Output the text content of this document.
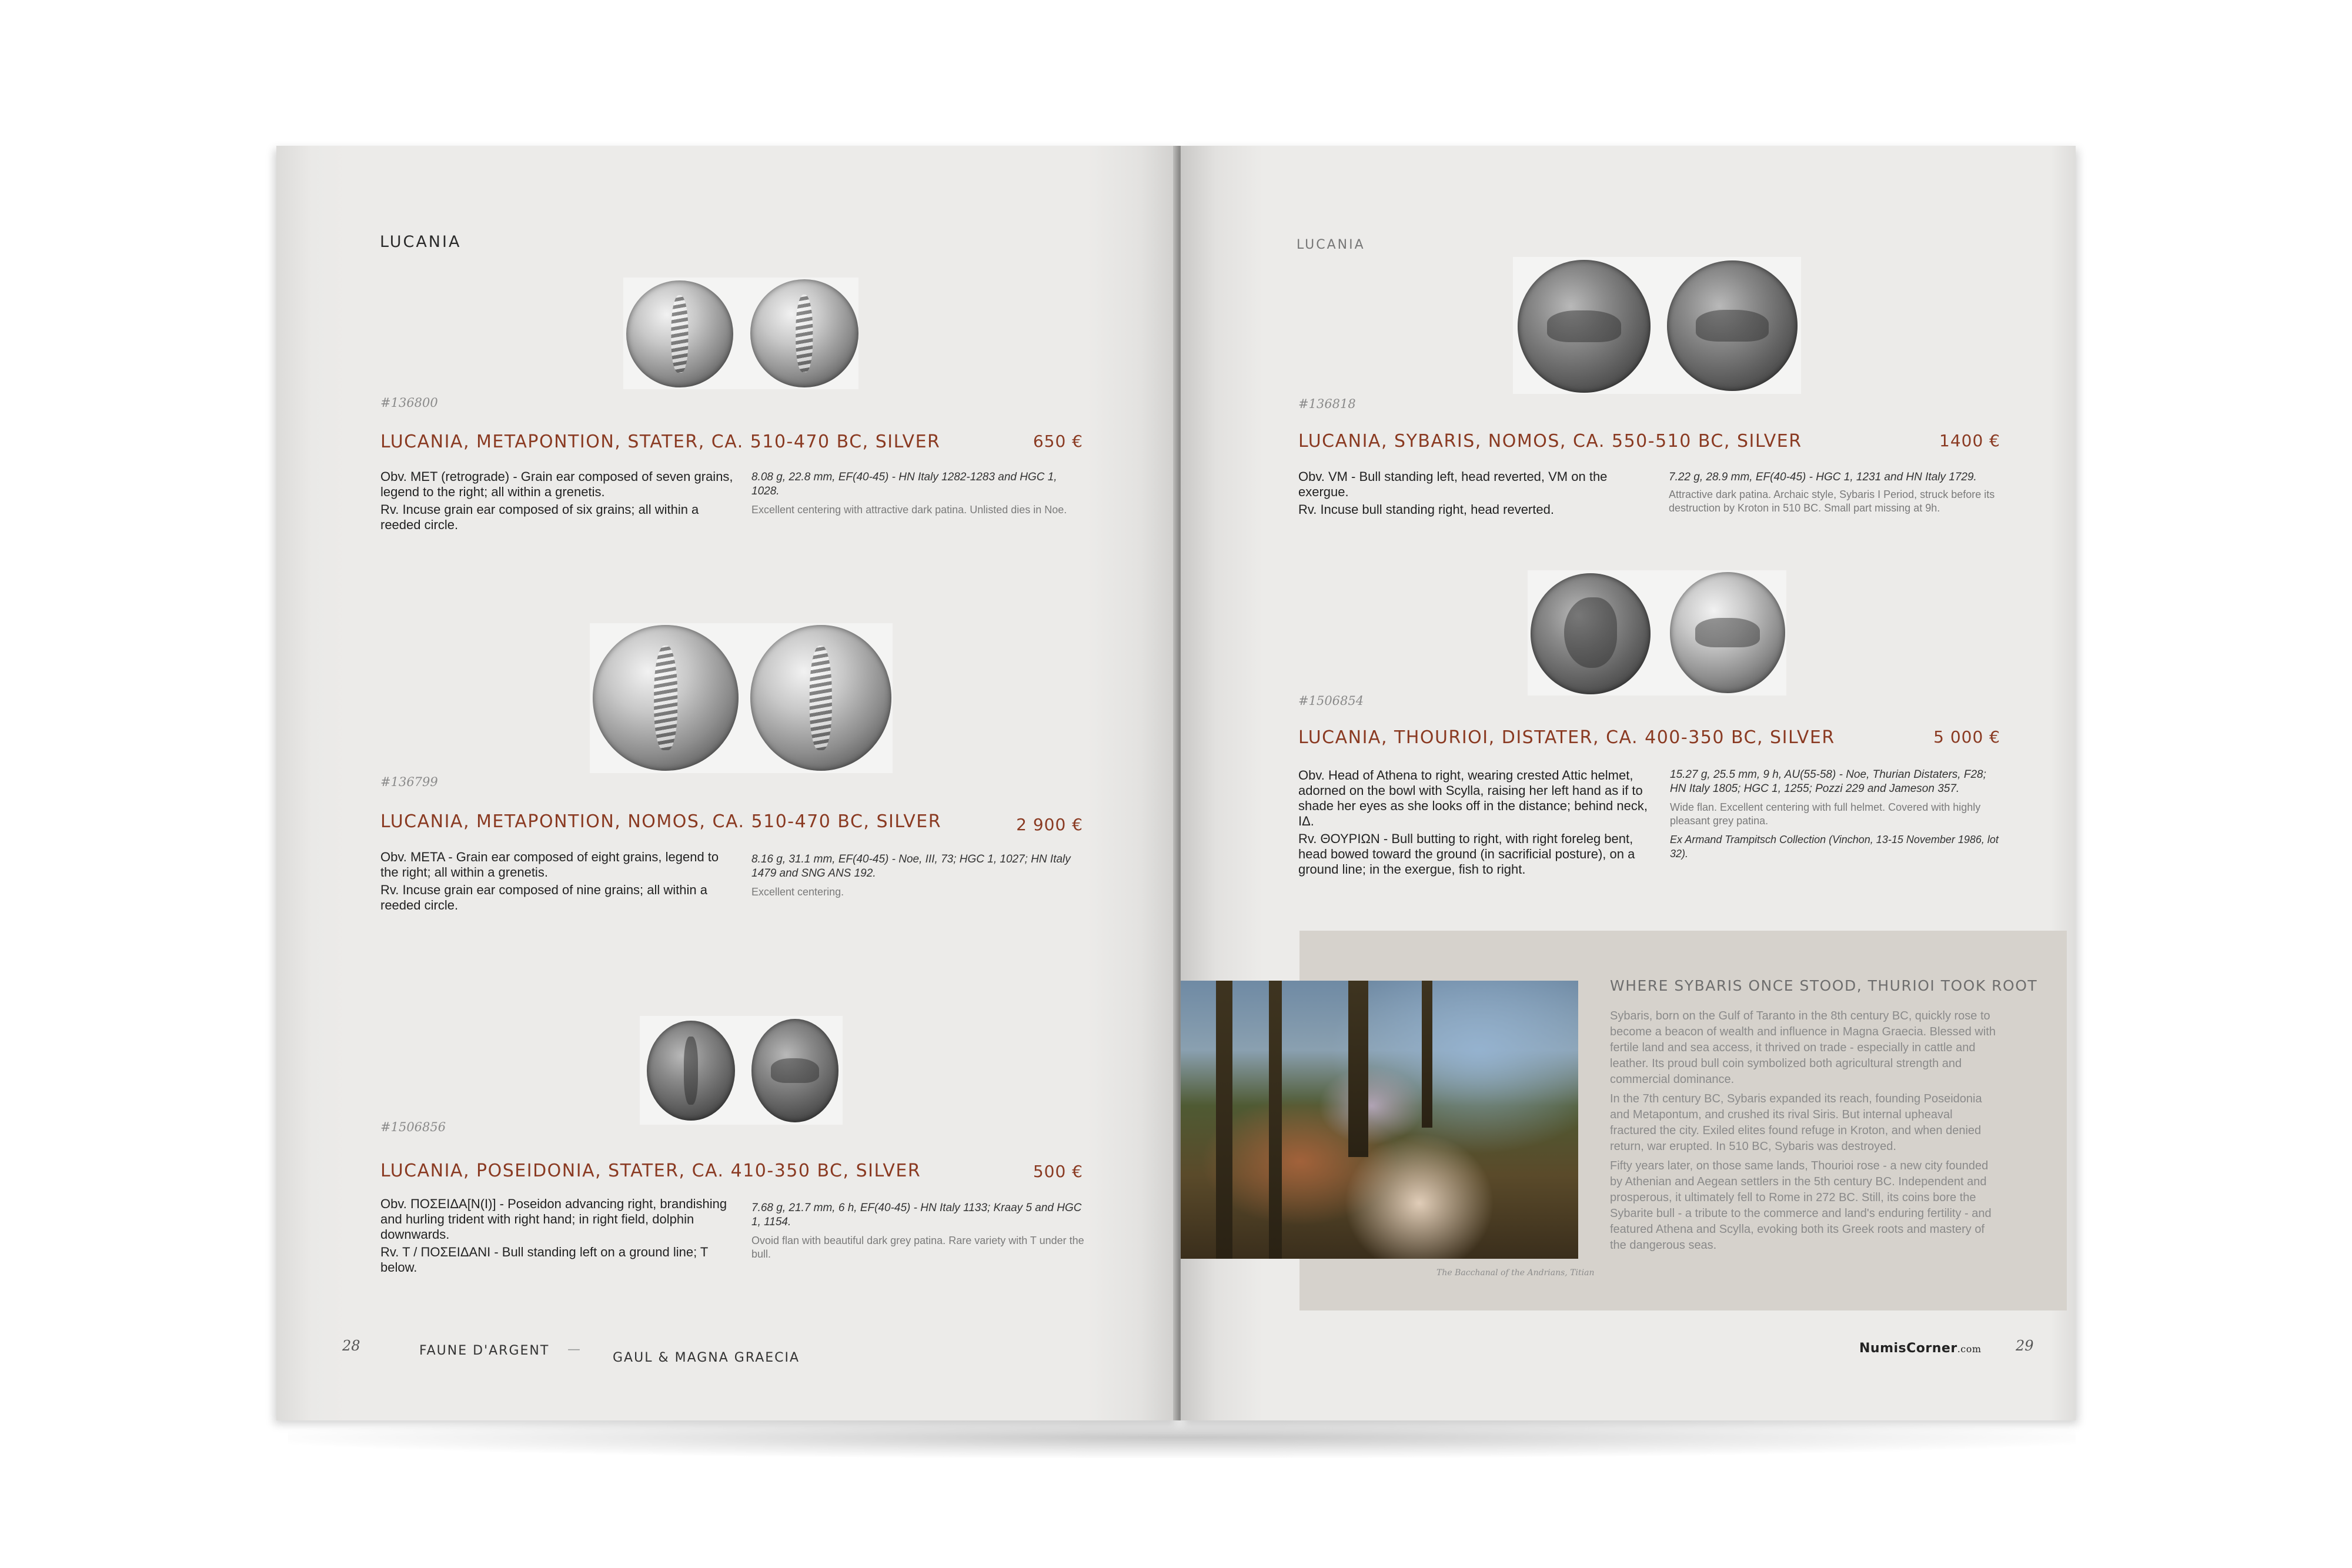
LUCANIA
#136800
LUCANIA, METAPONTION, STATER, CA. 510-470 BC, SILVER	650 €

Obv. MET (retrograde) - Grain ear composed of seven grains, legend to the right; all within a grenetis.

Rv. Incuse grain ear composed of six grains; all within a reeded circle.

8.08 g, 22.8 mm, EF(40-45) - HN Italy 1282-1283 and HGC 1, 1028.
Excellent centering with attractive dark patina. Unlisted dies in Noe.
#136799
LUCANIA, METAPONTION, NOMOS, CA. 510-470 BC, SILVER	2 900 €

Obv. META - Grain ear composed of eight grains, legend to the right; all within a grenetis.

Rv. Incuse grain ear composed of nine grains; all within a reeded circle.

8.16 g, 31.1 mm, EF(40-45) - Noe, III, 73; HGC 1, 1027; HN Italy 1479 and SNG ANS 192.
Excellent centering.
#1506856
LUCANIA, POSEIDONIA, STATER, CA. 410-350 BC, SILVER	500 €

Obv. ΠΟΣΕΙΔΑ[Ν(Ι)] - Poseidon advancing right, brandishing and hurling trident with right hand; in right field, dolphin downwards.

Rv. T / ΠΟΣΕΙΔΑΝΙ - Bull standing left on a ground line; T below.

7.68 g, 21.7 mm, 6 h, EF(40-45) - HN Italy 1133; Kraay 5 and HGC 1, 1154.
Ovoid flan with beautiful dark grey patina. Rare variety with T under the bull.
28	FAUNE D'ARGENT —
GAUL & MAGNA GRAECIA
LUCANIA
#136818
LUCANIA, SYBARIS, NOMOS, CA. 550-510 BC, SILVER	1400 €

Obv. VM - Bull standing left, head reverted, VM on the exergue.

Rv. Incuse bull standing right, head reverted.

7.22 g, 28.9 mm, EF(40-45) - HGC 1, 1231 and HN Italy 1729.
Attractive dark patina. Archaic style, Sybaris I Period, struck before its destruction by Kroton in 510 BC. Small part missing at 9h.
#1506854
LUCANIA, THOURIOI, DISTATER, CA. 400-350 BC, SILVER	5 000 €

Obv. Head of Athena to right, wearing crested Attic helmet, adorned on the bowl with Scylla, raising her left hand as if to shade her eyes as she looks off in the distance; behind neck, ΙΔ.

Rv. ΘΟΥΡΙΩΝ - Bull butting to right, with right foreleg bent, head bowed toward the ground (in sacrificial posture), on a ground line; in the exergue, fish to right.

15.27 g, 25.5 mm, 9 h, AU(55-58) - Noe, Thurian Distaters, F28; HN Italy 1805; HGC 1, 1255; Pozzi 229 and Jameson 357.
Wide flan. Excellent centering with full helmet. Covered with highly pleasant grey patina.
Ex Armand Trampitsch Collection (Vinchon, 13-15 November 1986, lot 32).
The Bacchanal of the Andrians, Titian
WHERE SYBARIS ONCE STOOD, THURIOI TOOK ROOT

Sybaris, born on the Gulf of Taranto in the 8th century BC, quickly rose to become a beacon of wealth and influence in Magna Graecia. Blessed with fertile land and sea access, it thrived on trade - especially in cattle and leather. Its proud bull coin symbolized both agricultural strength and commercial dominance.

In the 7th century BC, Sybaris expanded its reach, founding Poseidonia and Metapontum, and crushed its rival Siris. But internal upheaval fractured the city. Exiled elites found refuge in Kroton, and when denied return, war erupted. In 510 BC, Sybaris was destroyed.

Fifty years later, on those same lands, Thourioi rose - a new city founded by Athenian and Aegean settlers in the 5th century BC. Independent and prosperous, it ultimately fell to Rome in 272 BC. Still, its coins bore the Sybarite bull - a tribute to the commerce and land's enduring fertility - and featured Athena and Scylla, evoking both its Greek roots and mastery of the dangerous seas.

NumisCorner.com 29
